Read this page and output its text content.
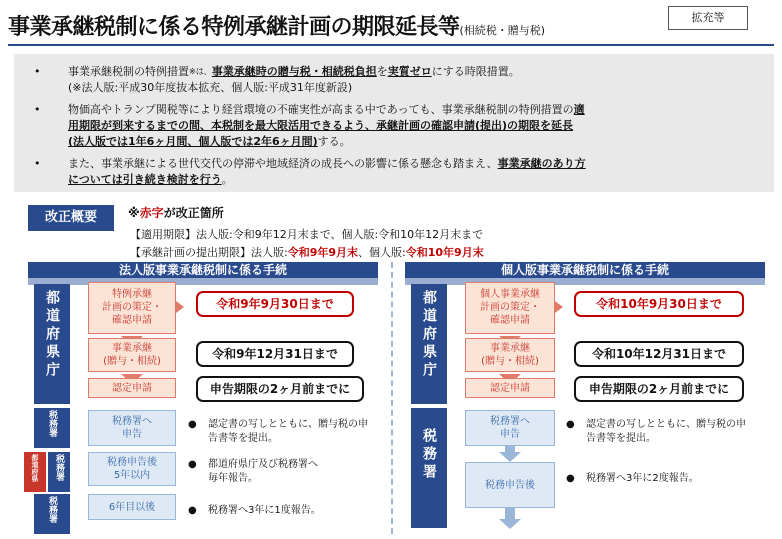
事業承継税制に係る特例承継計画の期限延長等(相続税・贈与税)
拡充等
•	事業承継税制の特例措置$^{※は、}$事業承継時の贈与税・相続税負担を実質ゼロにする時限措置。
(※法人版:平成30年度抜本拡充、個人版:平成31年度新設)
•	物価高やトランプ関税等により経営環境の不確実性が高まる中であっても、事業承継税制の特例措置の適
用期限が到来するまでの間、本税制を最大限活用できるよう、承継計画の確認申請(提出)の期限を延長
(法人版では1年6ヶ月間、個人版では2年6ヶ月間)する。
•	また、事業承継による世代交代の停滞や地域経済の成長への影響に係る懸念も踏まえ、事業承継のあり方
については引き続き検討を行う。
改正概要	※赤字が改正箇所
【適用期限】法人版:令和9年12月末まで、個人版:令和10年12月末まで
【承継計画の提出期限】法人版:令和9年9月末、個人版:令和10年9月末
法人版事業承継税制に係る手続	個人版事業承継税制に係る手続
都道府県庁
税務署
都道府県	税務署
税務署
特例承継
計画の策定・
確認申請
事業承継
(贈与・相続)
認定申請
税務署へ
申告
税務申告後
5年以内
6年目以後
令和9年9月30日まで
令和9年12月31日まで
申告期限の2ヶ月前までに
● 認定書の写しとともに、贈与税の申
告書等を提出。
● 都道府県庁及び税務署へ
毎年報告。
● 税務署へ3年に1度報告。
都道府県庁
税務署
個人事業承継
計画の策定・
確認申請
事業承継
(贈与・相続)
認定申請
税務署へ
申告
税務申告後
令和10年9月30日まで
令和10年12月31日まで
申告期限の2ヶ月前までに
● 認定書の写しとともに、贈与税の申
告書等を提出。
● 税務署へ3年に2度報告。
